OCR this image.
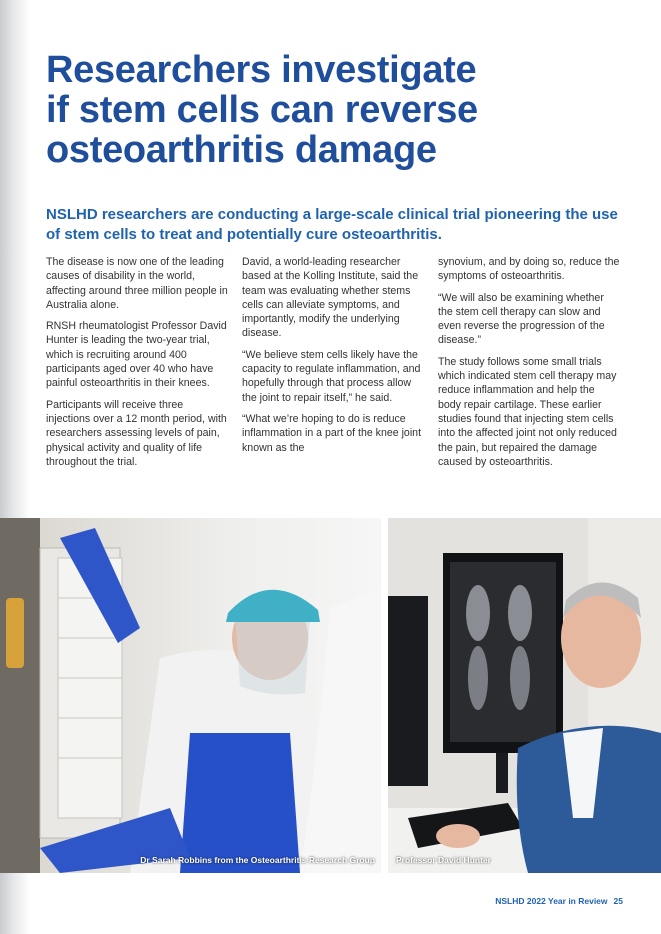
Researchers investigate
if stem cells can reverse
osteoarthritis damage

NSLHD researchers are conducting a large-scale clinical trial pioneering the use of stem cells to treat and potentially cure osteoarthritis.

The disease is now one of the leading causes of disability in the world, affecting around three million people in Australia alone.

RNSH rheumatologist Professor David Hunter is leading the two-year trial, which is recruiting around 400 participants aged over 40 who have painful osteoarthritis in their knees.

Participants will receive three injections over a 12 month period, with researchers assessing levels of pain, physical activity and quality of life throughout the trial.

David, a world-leading researcher based at the Kolling Institute, said the team was evaluating whether stems cells can alleviate symptoms, and importantly, modify the underlying disease.

“We believe stem cells likely have the capacity to regulate inflammation, and hopefully through that process allow the joint to repair itself,” he said.

“What we’re hoping to do is reduce inflammation in a part of the knee joint known as the

synovium, and by doing so, reduce the symptoms of osteoarthritis.

“We will also be examining whether the stem cell therapy can slow and even reverse the progression of the disease.”

The study follows some small trials which indicated stem cell therapy may reduce inflammation and help the body repair cartilage. These earlier studies found that injecting stem cells into the affected joint not only reduced the pain, but repaired the damage caused by osteoarthritis.

Dr Sarah Robbins from the Osteoarthritis Research Group Professor David Hunter
NSLHD 2022 Year in Review 25
